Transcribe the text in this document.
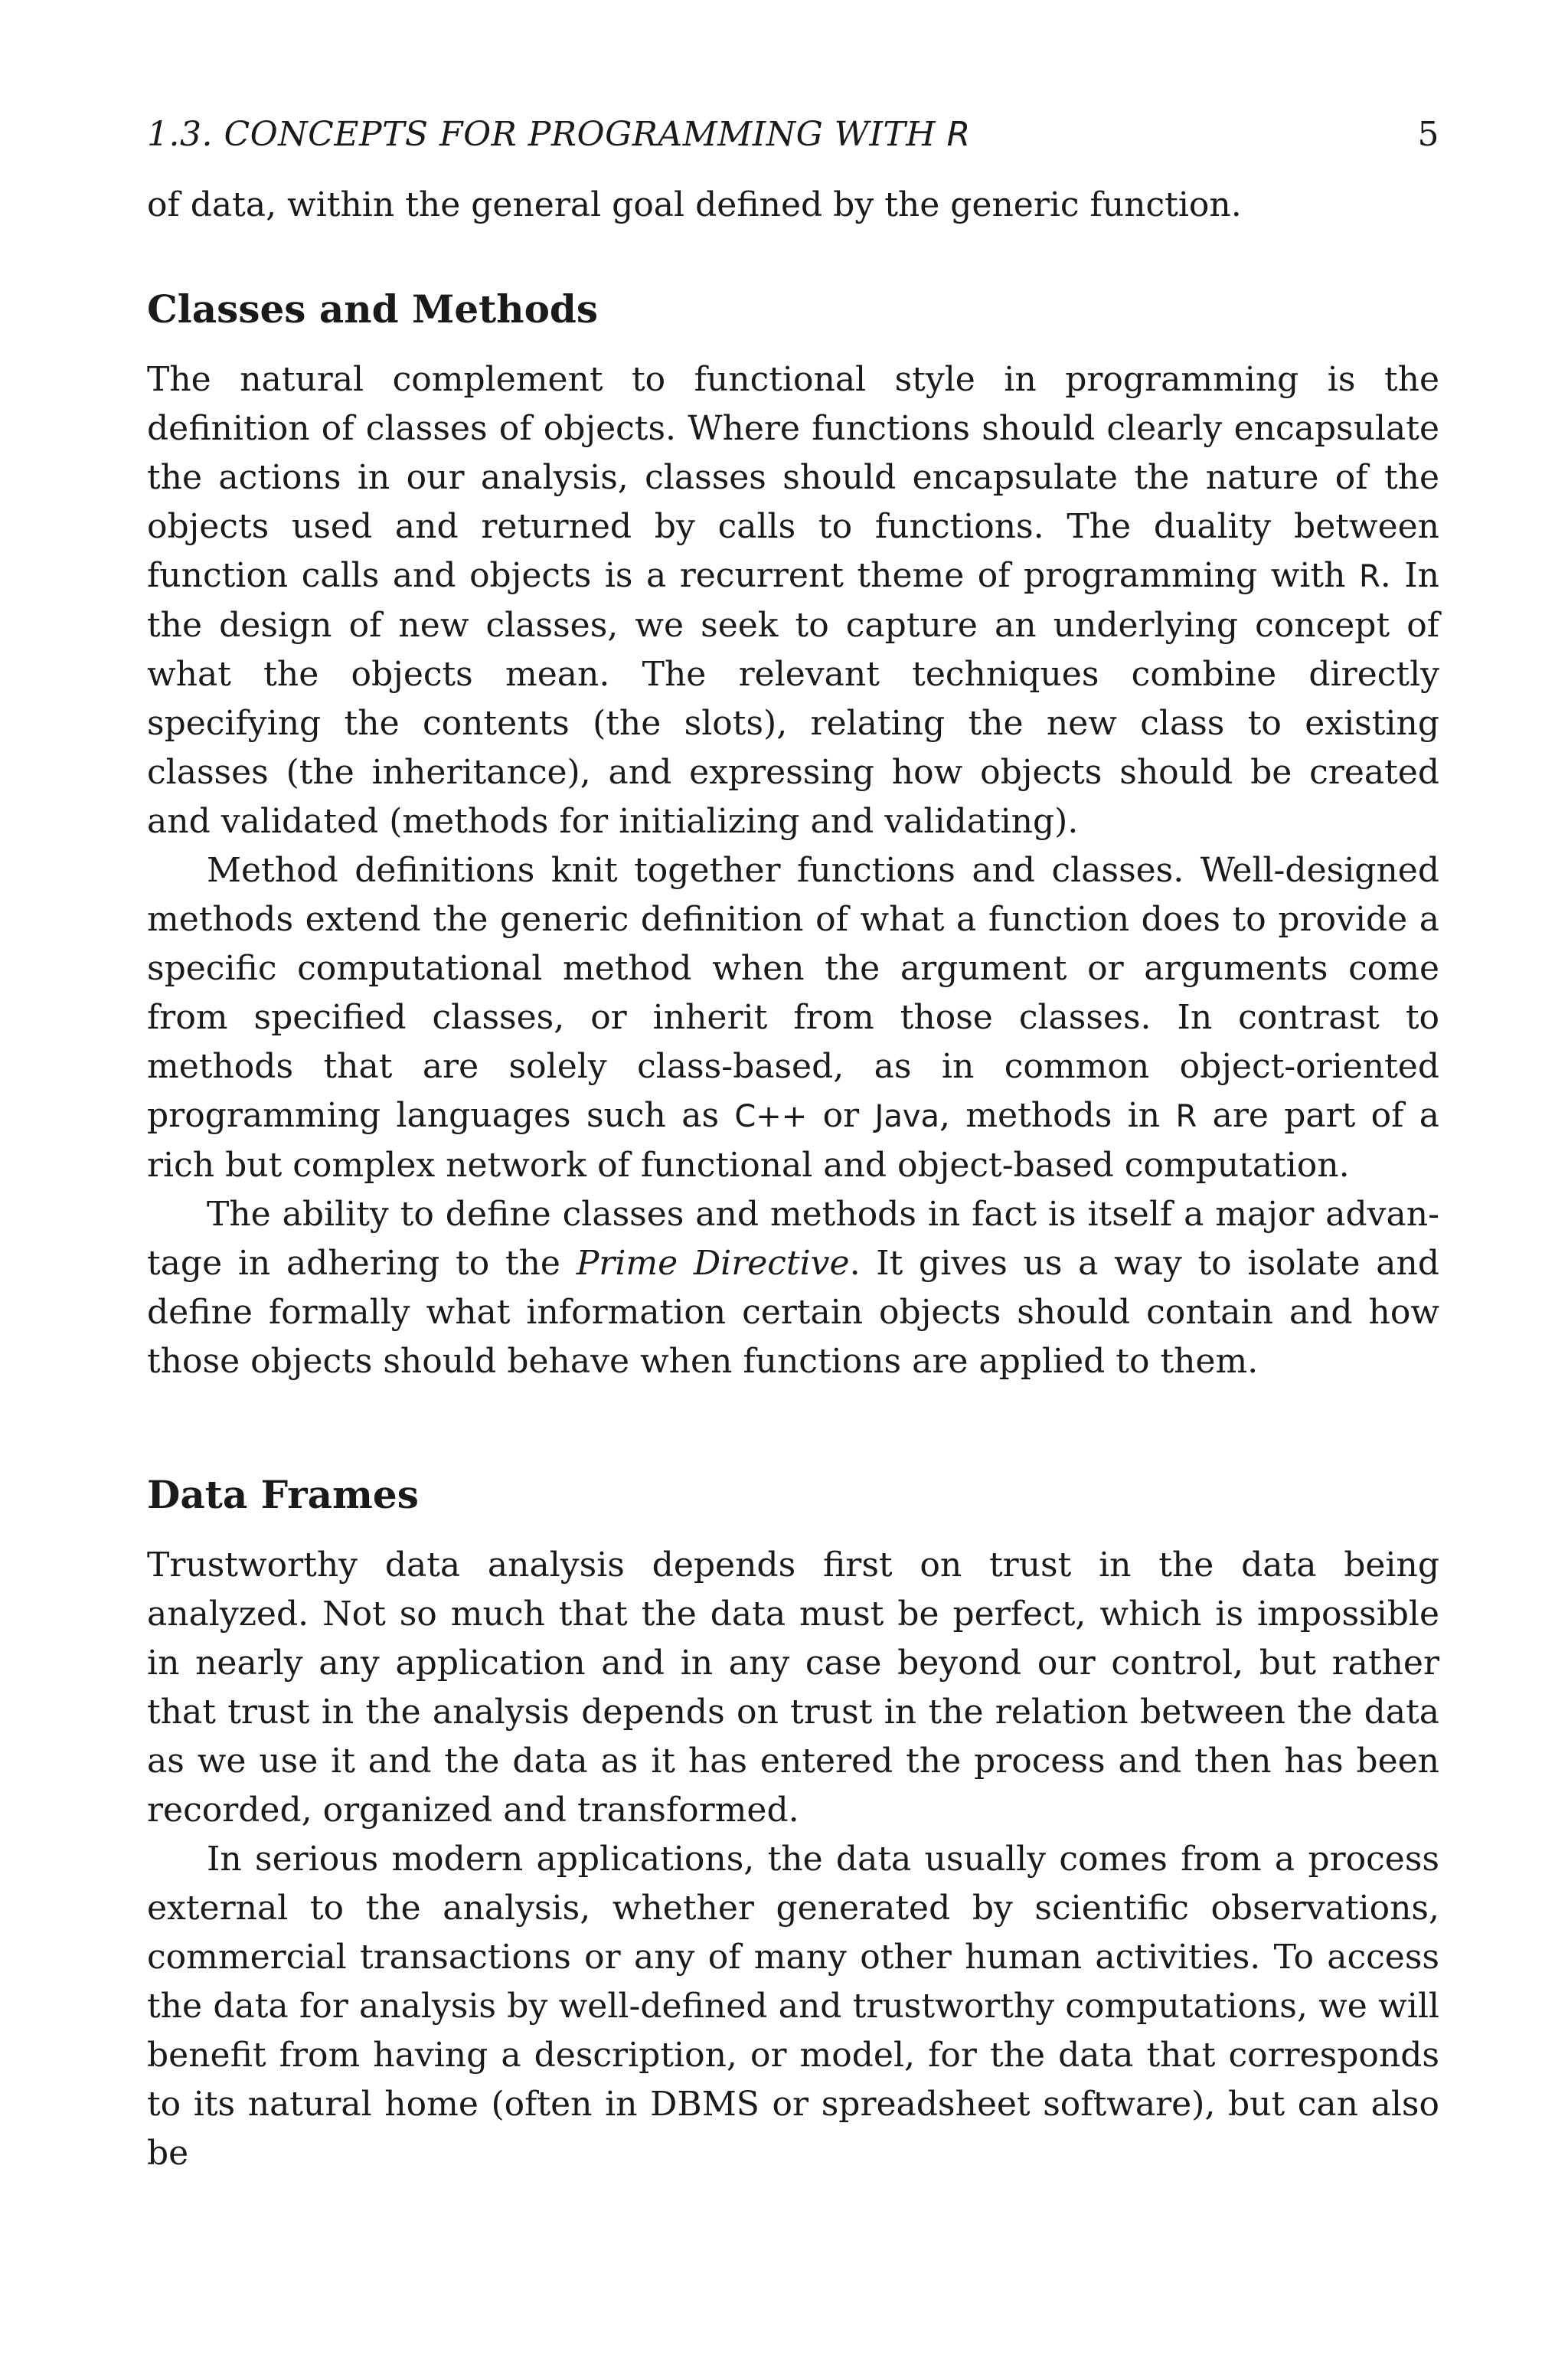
1.3. CONCEPTS FOR PROGRAMMING WITH R	5

of data, within the general goal defined by the generic function.

Classes and Methods

The natural complement to functional style in programming is the definition of classes of objects. Where functions should clearly encapsulate the actions in our analysis, classes should encapsulate the nature of the objects used and returned by calls to functions. The duality between function calls and objects is a recurrent theme of programming with R. In the design of new classes, we seek to capture an underlying concept of what the objects mean. The relevant techniques combine directly specifying the contents (the slots), relating the new class to existing classes (the inheritance), and expressing how objects should be created and validated (methods for initializing and validating).

Method definitions knit together functions and classes. Well-designed methods extend the generic definition of what a function does to provide a specific computational method when the argument or arguments come from specified classes, or inherit from those classes. In contrast to methods that are solely class-based, as in common object-oriented programming languages such as C++ or Java, methods in R are part of a rich but complex network of functional and object-based computation.

The ability to define classes and methods in fact is itself a major advantage in adhering to the Prime Directive. It gives us a way to isolate and define formally what information certain objects should contain and how those objects should behave when functions are applied to them.

Data Frames

Trustworthy data analysis depends first on trust in the data being analyzed. Not so much that the data must be perfect, which is impossible in nearly any application and in any case beyond our control, but rather that trust in the analysis depends on trust in the relation between the data as we use it and the data as it has entered the process and then has been recorded, organized and transformed.

In serious modern applications, the data usually comes from a process external to the analysis, whether generated by scientific observations, commercial transactions or any of many other human activities. To access the data for analysis by well-defined and trustworthy computations, we will benefit from having a description, or model, for the data that corresponds to its natural home (often in DBMS or spreadsheet software), but can also be
